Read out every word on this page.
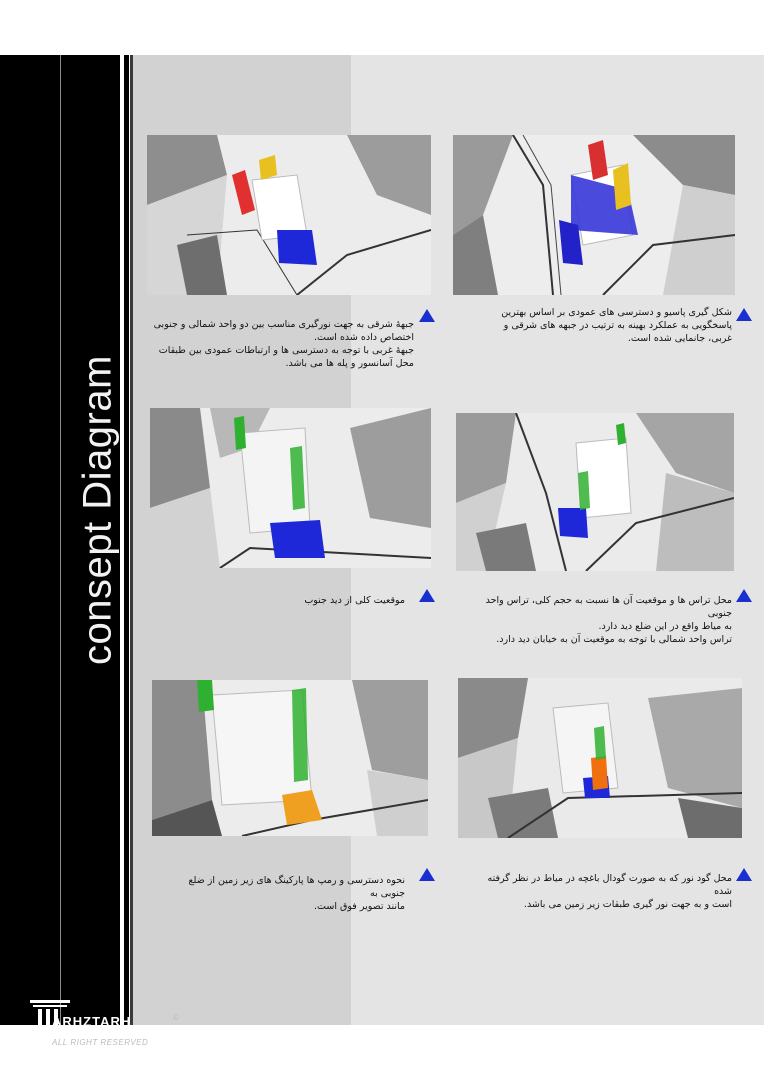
consept Diagram
شکل گیری پاسیو و دسترسی های عمودی بر اساس بهترین
پاسخگویی به عملکرد بهینه به ترتیب در جبهه های شرقی و
غربی، جانمایی شده است.
جبهۀ شرقی به جهت نورگیری مناسب بین دو واحد شمالی و جنوبی
اختصاص داده شده است.
جبهۀ غربی با توجه به دسترسی ها و ارتباطات عمودی بین طبقات
محل آسانسور و پله ها می باشد.
محل تراس ها و موقعیت آن ها نسبت به حجم کلی، تراس واحد جنوبی
به میاط واقع در این ضلع دید دارد.
تراس واحد شمالی با توجه به موقعیت آن به خیابان دید دارد.
موقعیت کلی از دید جنوب
محل گود نور که به صورت گودال باغچه در میاط در نظر گرفته شده
است و به جهت نور گیری طبقات زیر زمین می باشد.
نحوه دسترسی و رمپ ها پارکینگ های زیر زمین از ضلع جنوبی به
مانند تصویر فوق است.
ARHZTARH
ALL RIGHT RESERVED
©
